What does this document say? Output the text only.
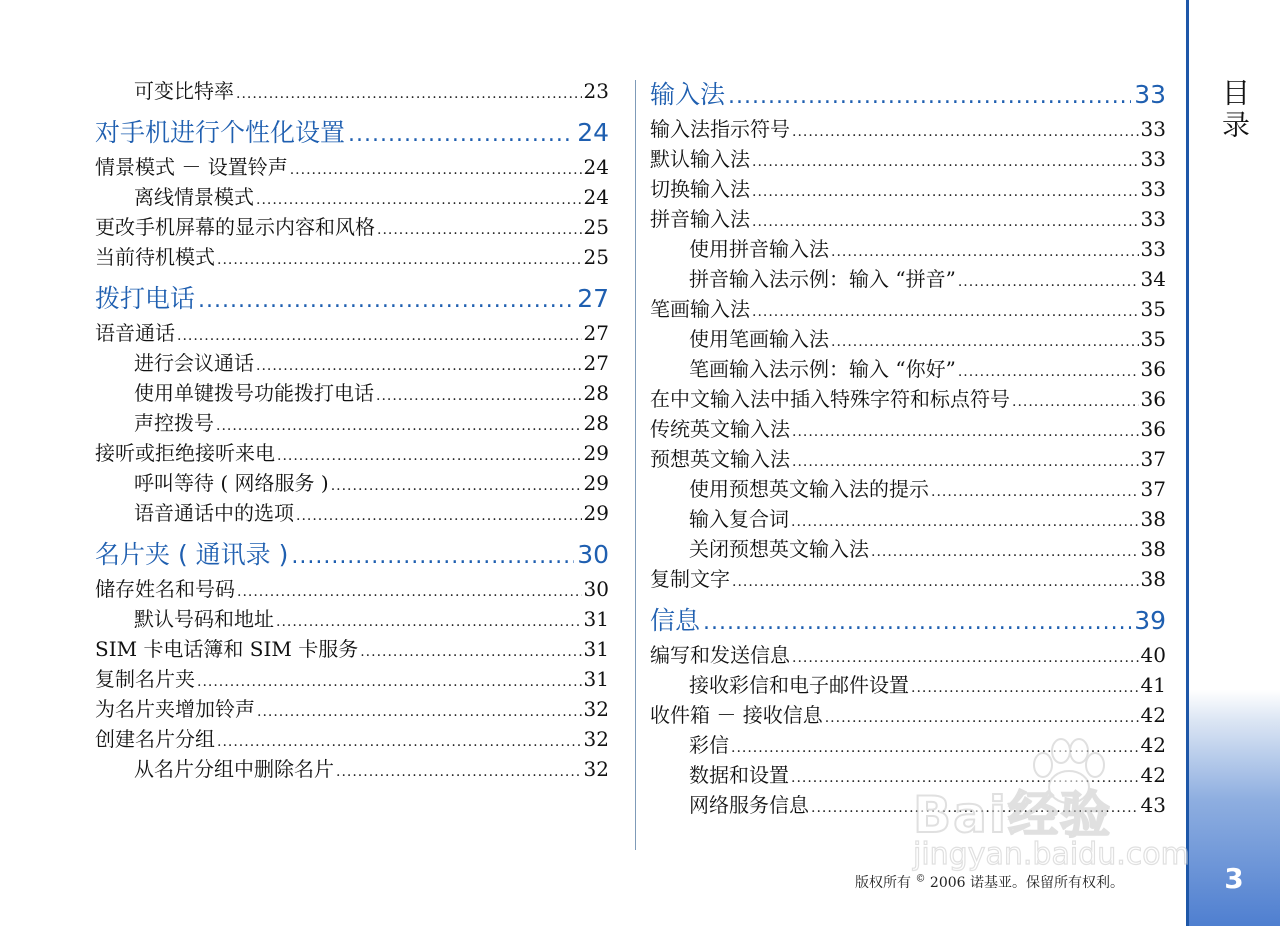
目录
可变比特率 .....	23
对手机进行个性化设置 .....	24
情景模式 － 设置铃声 .....	24
离线情景模式 .....	24
更改手机屏幕的显示内容和风格 .....	25
当前待机模式 .....	25
拨打电话 .....	27
语音通话 .....	27
进行会议通话 .....	27
使用单键拨号功能拨打电话 .....	28
声控拨号 .....	28
接听或拒绝接听来电 .....	29
呼叫等待 ( 网络服务 ) .....	29
语音通话中的选项 .....	29
名片夹 ( 通讯录 ) .....	30
储存姓名和号码 .....	30
默认号码和地址 .....	31
SIM 卡电话簿和 SIM 卡服务 .....	31
复制名片夹 .....	31
为名片夹增加铃声 .....	32
创建名片分组 .....	32
从名片分组中删除名片 .....	32
输入法 .....	33
输入法指示符号 .....	33
默认输入法 .....	33
切换输入法 .....	33
拼音输入法 .....	33
使用拼音输入法 .....	33
拼音输入法示例：输入 “拼音” .....	34
笔画输入法 .....	35
使用笔画输入法 .....	35
笔画输入法示例：输入 “你好” .....	36
在中文输入法中插入特殊字符和标点符号 .....	36
传统英文输入法 .....	36
预想英文输入法 .....	37
使用预想英文输入法的提示 .....	37
输入复合词 .....	38
关闭预想英文输入法 .....	38
复制文字 .....	38
信息 .....	39
编写和发送信息 .....	40
接收彩信和电子邮件设置 .....	41
收件箱 － 接收信息 .....	42
彩信 .....	42
数据和设置 .....	42
网络服务信息 .....	43
Bai经验
jingyan.baidu.com
版权所有 © 2006 诺基亚。保留所有权利。	3
